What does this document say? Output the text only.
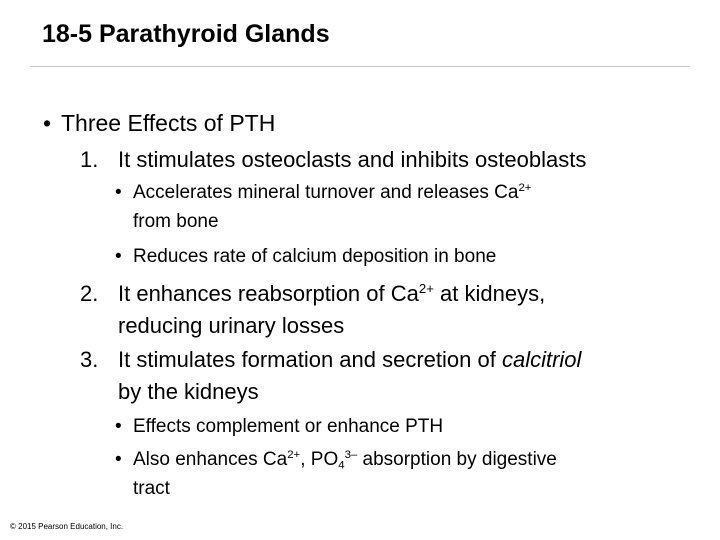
18-5 Parathyroid Glands
• Three Effects of PTH
1. It stimulates osteoclasts and inhibits osteoblasts
• Accelerates mineral turnover and releases $Ca^{2+}$
from bone
• Reduces rate of calcium deposition in bone
2. It enhances reabsorption of $Ca^{2+}$ at kidneys,
reducing urinary losses
3. It stimulates formation and secretion of calcitriol
by the kidneys
• Effects complement or enhance PTH
• Also enhances $Ca^{2+}$, $PO_4^{3-}$ absorption by digestive
tract
© 2015 Pearson Education, Inc.
